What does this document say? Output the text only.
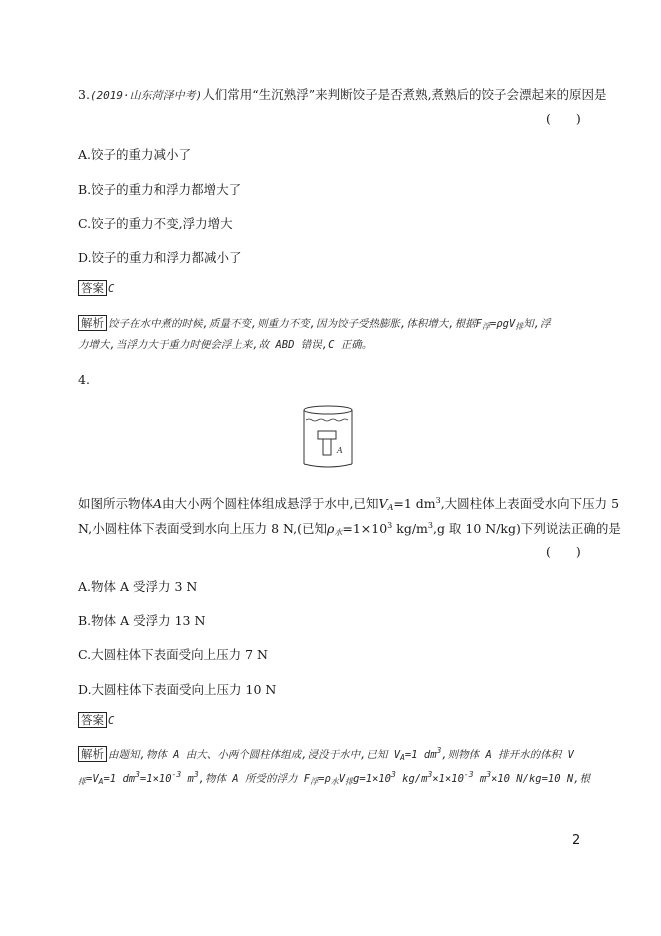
3.(2019·山东菏泽中考)人们常用“生沉熟浮”来判断饺子是否煮熟,煮熟后的饺子会漂起来的原因是
(　　)
A.饺子的重力减小了
B.饺子的重力和浮力都增大了
C.饺子的重力不变,浮力增大
D.饺子的重力和浮力都减小了
答案 C
解析 饺子在水中煮的时候,质量不变,则重力不变,因为饺子受热膨胀,体积增大,根据$F_浮=\rho gV_排$知,浮
力增大,当浮力大于重力时便会浮上来,故 ABD 错误,C 正确。
4.
A
如图所示物体A由大小两个圆柱体组成悬浮于水中,已知$V_A=1$ $dm^3$,大圆柱体上表面受水向下压力 5
N,小圆柱体下表面受到水向上压力 8 N,(已知$\rho_水=1\times 10^3$ $kg/m^3,g$ 取 10 N/kg)下列说法正确的是
(　　)
A.物体 A 受浮力 3 N
B.物体 A 受浮力 13 N
C.大圆柱体下表面受向上压力 7 N
D.大圆柱体下表面受向上压力 10 N
答案 C
解析 由题知,物体 A 由大、小两个圆柱体组成,浸没于水中,已知 $V_A=1$ $dm^3$,则物体 A 排开水的体积 V
$_排=V_A=1$ $dm^3=1\times 10^{-3}$ $m^3$,物体 A 所受的浮力 $F_浮=\rho_水V_排g=1\times 10^3$ $kg/m^3\times 1\times 10^{-3}$ $m^3\times 10$ N/kg=10 N,根
2
